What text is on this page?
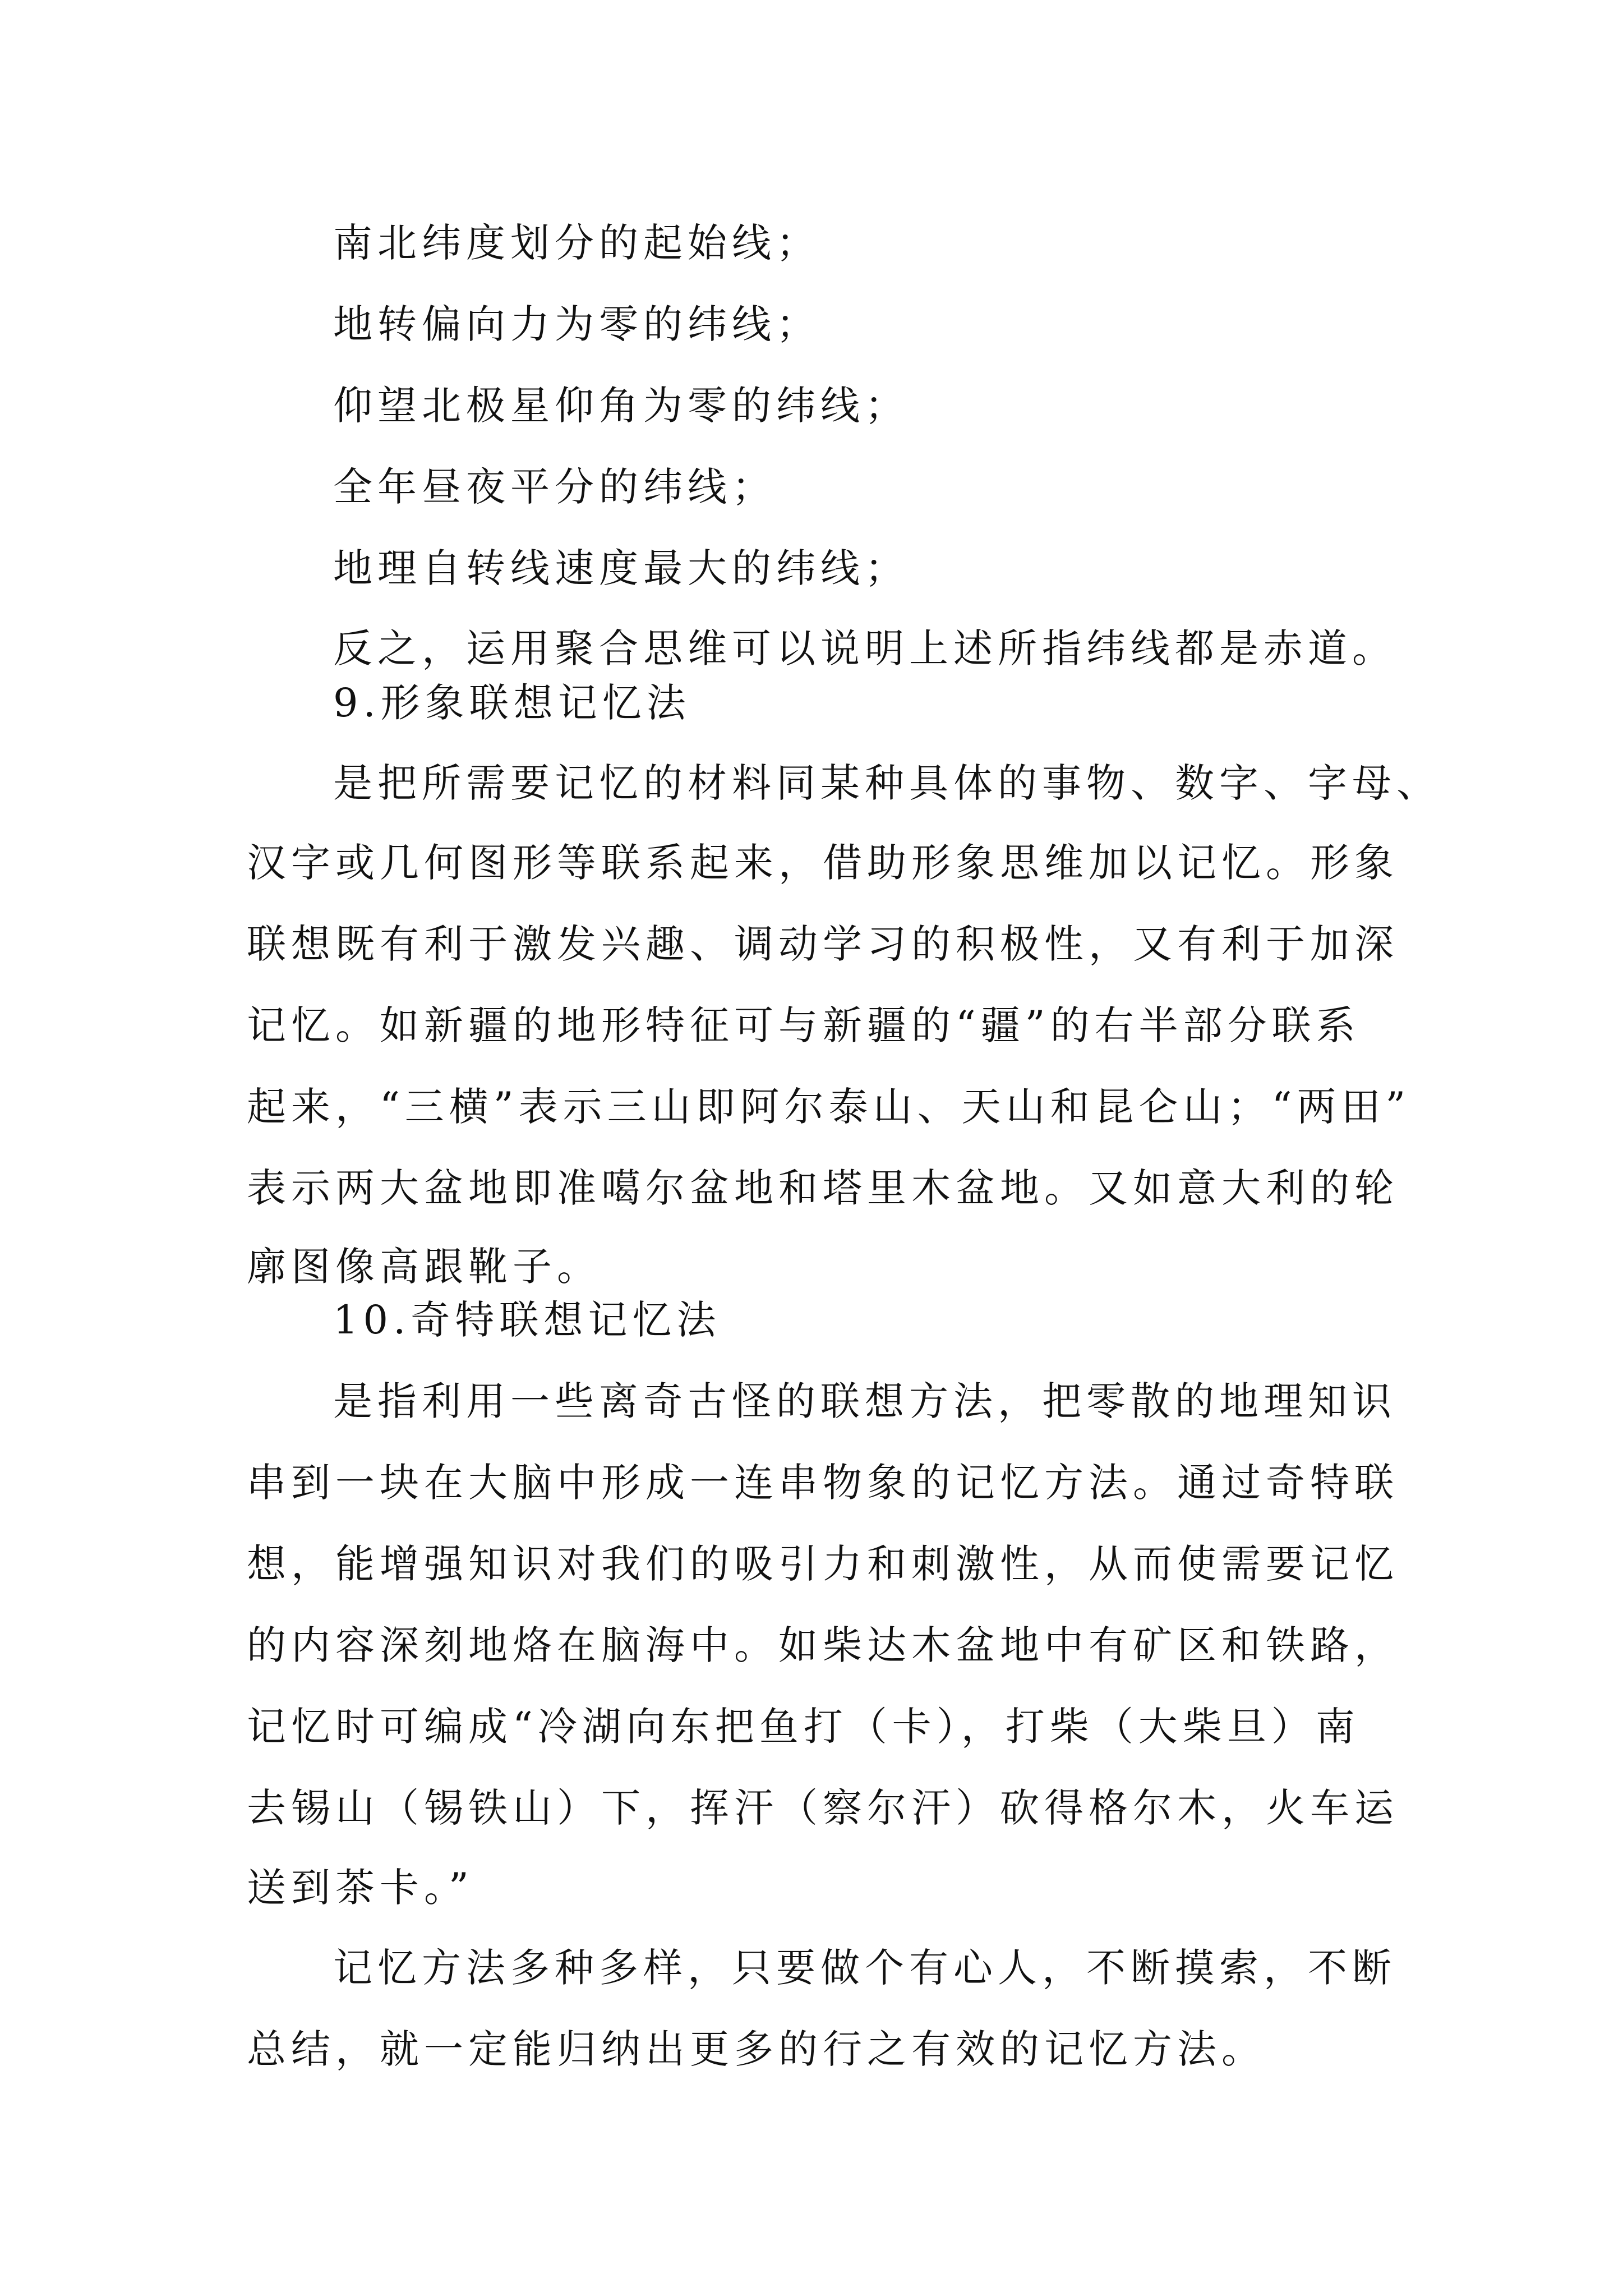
南北纬度划分的起始线；
地转偏向力为零的纬线；
仰望北极星仰角为零的纬线；
全年昼夜平分的纬线；
地理自转线速度最大的纬线；
反之，运用聚合思维可以说明上述所指纬线都是赤道。
9.形象联想记忆法
是把所需要记忆的材料同某种具体的事物、数字、字母、
汉字或几何图形等联系起来，借助形象思维加以记忆。形象
联想既有利于激发兴趣、调动学习的积极性，又有利于加深
记忆。如新疆的地形特征可与新疆的“疆”的右半部分联系
起来，“三横”表示三山即阿尔泰山、天山和昆仑山；“两田”
表示两大盆地即准噶尔盆地和塔里木盆地。又如意大利的轮
廓图像高跟靴子。
10.奇特联想记忆法
是指利用一些离奇古怪的联想方法，把零散的地理知识
串到一块在大脑中形成一连串物象的记忆方法。通过奇特联
想，能增强知识对我们的吸引力和刺激性，从而使需要记忆
的内容深刻地烙在脑海中。如柴达木盆地中有矿区和铁路，
记忆时可编成“冷湖向东把鱼打（卡），打柴（大柴旦）南
去锡山（锡铁山）下，挥汗（察尔汗）砍得格尔木，火车运
送到茶卡。”
记忆方法多种多样，只要做个有心人，不断摸索，不断
总结，就一定能归纳出更多的行之有效的记忆方法。
